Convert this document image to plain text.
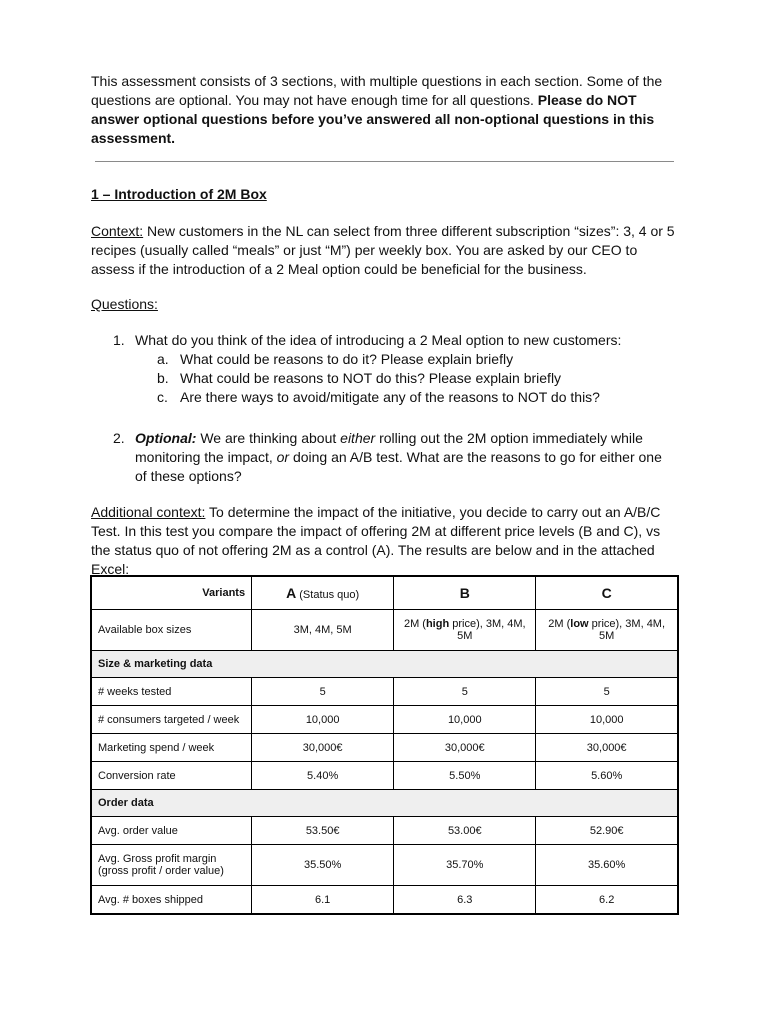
This assessment consists of 3 sections, with multiple questions in each section. Some of the questions are optional. You may not have enough time for all questions. Please do NOT answer optional questions before you’ve answered all non-optional questions in this assessment.

1 – Introduction of 2M Box
Context: New customers in the NL can select from three different subscription “sizes”: 3, 4 or 5 recipes (usually called “meals” or just “M”) per weekly box. You are asked by our CEO to assess if the introduction of a 2 Meal option could be beneficial for the business.
Questions:
1. What do you think of the idea of introducing a 2 Meal option to new customers:
a. What could be reasons to do it? Please explain briefly
b. What could be reasons to NOT do this? Please explain briefly
c. Are there ways to avoid/mitigate any of the reasons to NOT do this?
2. Optional: We are thinking about either rolling out the 2M option immediately while monitoring the impact, or doing an A/B test. What are the reasons to go for either one of these options?
Additional context: To determine the impact of the initiative, you decide to carry out an A/B/C Test. In this test you compare the impact of offering 2M at different price levels (B and C), vs the status quo of not offering 2M as a control (A). The results are below and in the attached Excel:
Variants	A (Status quo)	B	C
Available box sizes	3M, 4M, 5M	2M (high price), 3M, 4M, 5M	2M (low price), 3M, 4M, 5M
Size & marketing data			
# weeks tested	5	5	5
# consumers targeted / week	10,000	10,000	10,000
Marketing spend / week	30,000€	30,000€	30,000€
Conversion rate	5.40%	5.50%	5.60%
Order data			
Avg. order value	53.50€	53.00€	52.90€
Avg. Gross profit margin
(gross profit / order value)	35.50%	35.70%	35.60%
Avg. # boxes shipped	6.1	6.3	6.2
